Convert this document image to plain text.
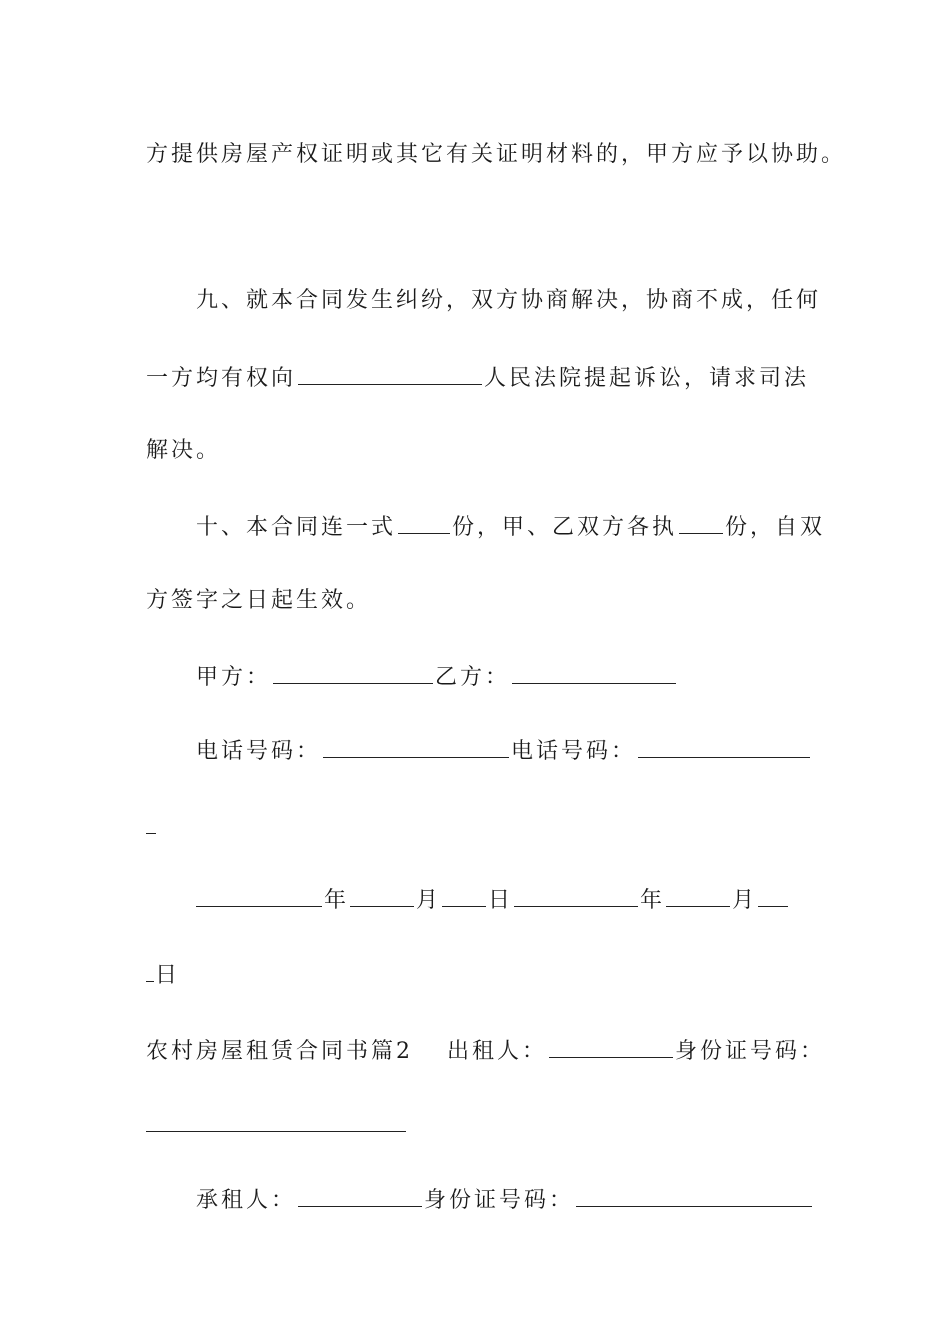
方提供房屋产权证明或其它有关证明材料的，甲方应予以协助。
九、就本合同发生纠纷，双方协商解决，协商不成，任何
一方均有权向	人民法院提起诉讼，请求司法
解决。
十、本合同连一式	份，甲、乙双方各执 份，自双
方签字之日起生效。
甲方：	乙方：
电话号码：	电话号码：
年	月 日	年	月
日
农村房屋租赁合同书篇2 出租人：	身份证号码：
承租人：	身份证号码：
